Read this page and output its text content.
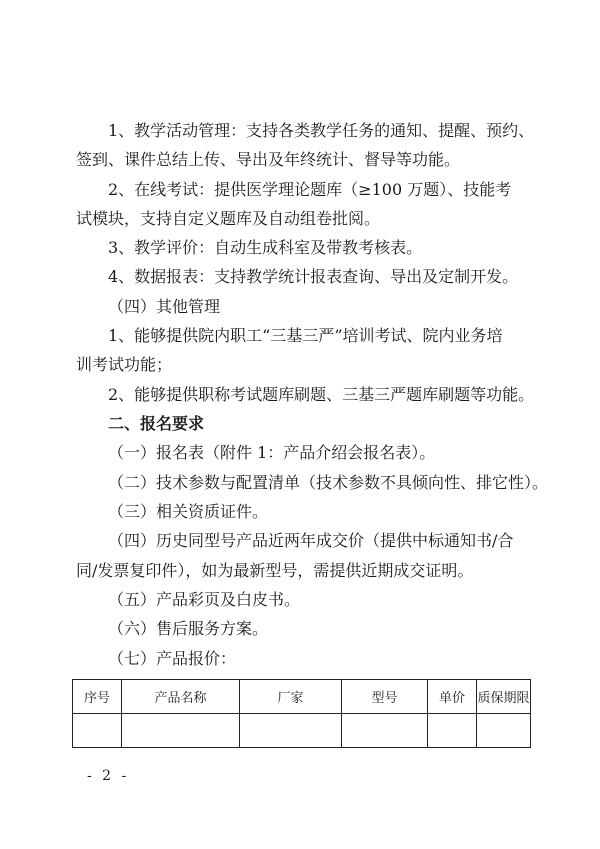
1、教学活动管理：支持各类教学任务的通知、提醒、预约、
签到、课件总结上传、导出及年终统计、督导等功能。
2、在线考试：提供医学理论题库（≥100 万题）、技能考
试模块，支持自定义题库及自动组卷批阅。
3、教学评价：自动生成科室及带教考核表。
4、数据报表：支持教学统计报表查询、导出及定制开发。
（四）其他管理
1、能够提供院内职工“三基三严”培训考试、院内业务培
训考试功能；
2、能够提供职称考试题库刷题、三基三严题库刷题等功能。
二、报名要求
（一）报名表（附件 1：产品介绍会报名表）。
（二）技术参数与配置清单（技术参数不具倾向性、排它性）。
（三）相关资质证件。
（四）历史同型号产品近两年成交价（提供中标通知书/合
同/发票复印件），如为最新型号，需提供近期成交证明。
（五）产品彩页及白皮书。
（六）售后服务方案。
（七）产品报价：
序号	产品名称	厂家	型号	单价	质保期限

- 2 -
